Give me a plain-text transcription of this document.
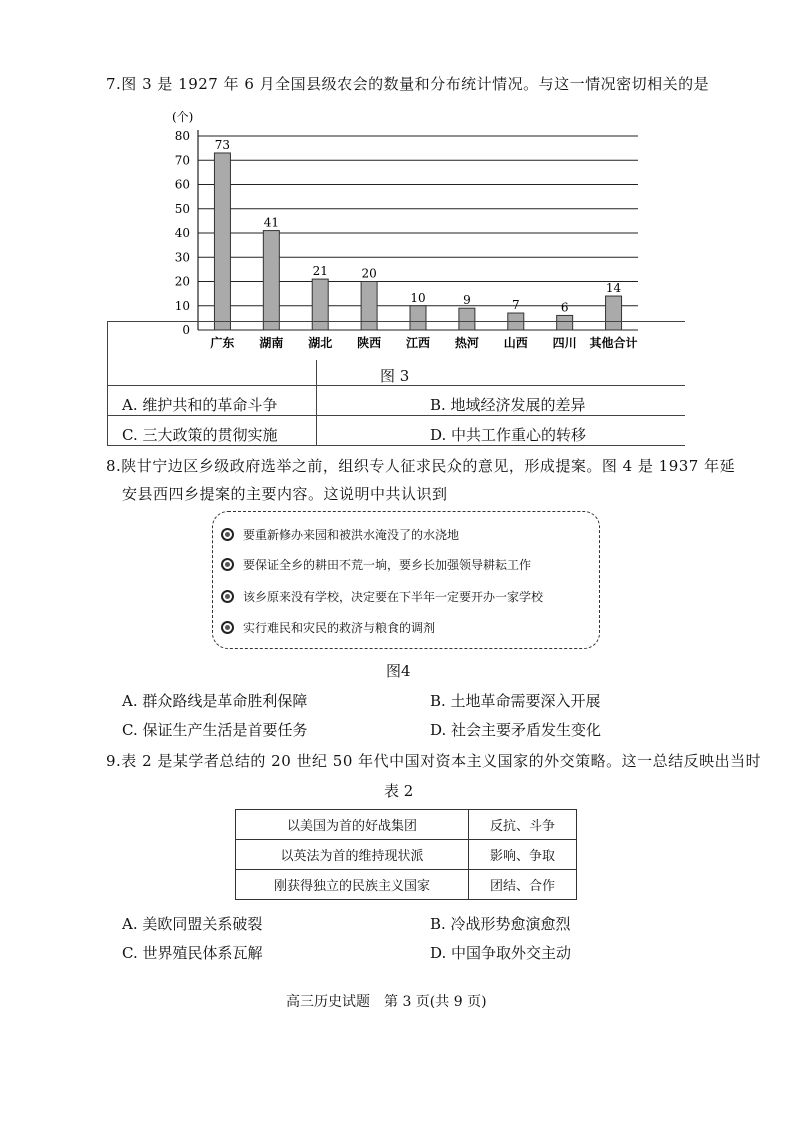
7.图 3 是 1927 年 6 月全国县级农会的数量和分布统计情况。与这一情况密切相关的是
(个)
0
10
20
30
40
50
60
70
80
73
广东
41
湖南
21
湖北
20
陕西
10
江西
9
热河
7
山西
6
四川
14
其他合计
图 3
A. 维护共和的革命斗争	B. 地域经济发展的差异
C. 三大政策的贯彻实施	D. 中共工作重心的转移
8.陕甘宁边区乡级政府选举之前，组织专人征求民众的意见，形成提案。图 4 是 1937 年延
安县西四乡提案的主要内容。这说明中共认识到
要重新修办来园和被洪水淹没了的水浇地
要保证全乡的耕田不荒一垧，要乡长加强领导耕耘工作
该乡原来没有学校，决定要在下半年一定要开办一家学校
实行难民和灾民的救济与粮食的调剂
图4
A. 群众路线是革命胜利保障	B. 土地革命需要深入开展
C. 保证生产生活是首要任务	D. 社会主要矛盾发生变化
9.表 2 是某学者总结的 20 世纪 50 年代中国对资本主义国家的外交策略。这一总结反映出当时
表 2
以美国为首的好战集团	反抗、斗争
以英法为首的维持现状派	影响、争取
刚获得独立的民族主义国家	团结、合作
A. 美欧同盟关系破裂	B. 冷战形势愈演愈烈
C. 世界殖民体系瓦解	D. 中国争取外交主动
高三历史试题　第 3 页(共 9 页)
